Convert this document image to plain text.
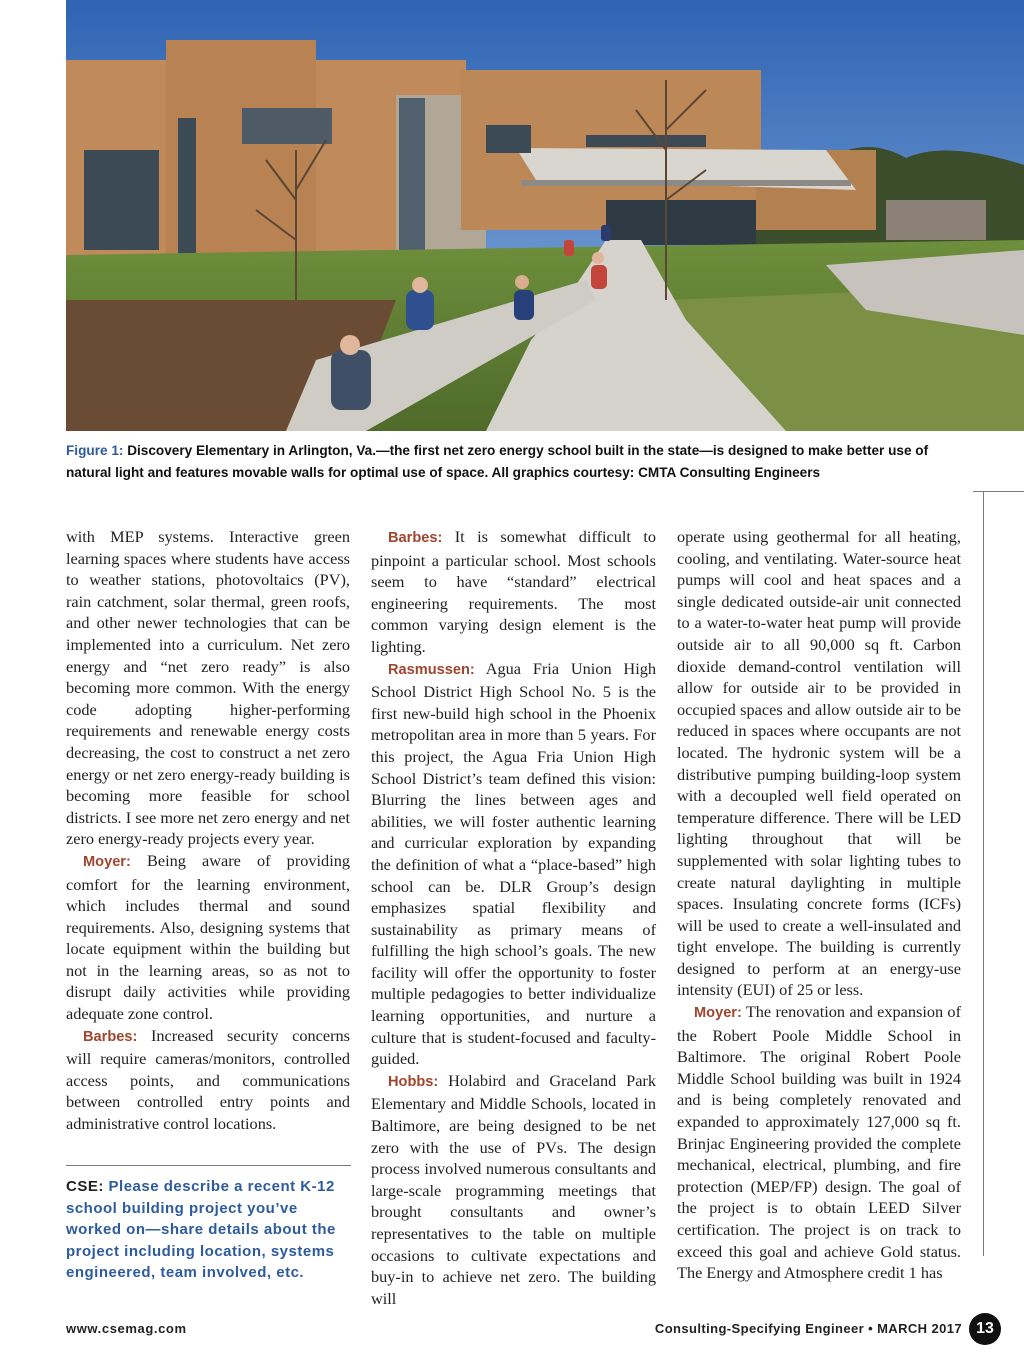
Figure 1: Discovery Elementary in Arlington, Va.—the first net zero energy school built in the state—is designed to make better use of natural light and features movable walls for optimal use of space. All graphics courtesy: CMTA Consulting Engineers

with MEP systems. Interactive green learning spaces where students have access to weather stations, photovoltaics (PV), rain catchment, solar thermal, green roofs, and other newer technologies that can be implemented into a curriculum. Net zero energy and “net zero ready” is also becoming more common. With the energy code adopting higher-performing requirements and renewable energy costs decreasing, the cost to construct a net zero energy or net zero energy-ready building is becoming more feasible for school districts. I see more net zero energy and net zero energy-ready projects every year.

Moyer: Being aware of providing comfort for the learning environment, which includes thermal and sound requirements. Also, designing systems that locate equipment within the building but not in the learning areas, so as not to disrupt daily activities while providing adequate zone control.

Barbes: Increased security concerns will require cameras/monitors, controlled access points, and communications between controlled entry points and administrative control locations.

CSE: Please describe a recent K-12 school building project you’ve worked on—share details about the project including location, systems engineered, team involved, etc.

Barbes: It is somewhat difficult to pinpoint a particular school. Most schools seem to have “standard” electrical engineering requirements. The most common varying design element is the lighting.

Rasmussen: Agua Fria Union High School District High School No. 5 is the first new-build high school in the Phoenix metropolitan area in more than 5 years. For this project, the Agua Fria Union High School District’s team defined this vision: Blurring the lines between ages and abilities, we will foster authentic learning and curricular exploration by expanding the definition of what a “place-based” high school can be. DLR Group’s design emphasizes spatial flexibility and sustainability as primary means of fulfilling the high school’s goals. The new facility will offer the opportunity to foster multiple pedagogies to better individualize learning opportunities, and nurture a culture that is student-focused and faculty-guided.

Hobbs: Holabird and Graceland Park Elementary and Middle Schools, located in Baltimore, are being designed to be net zero with the use of PVs. The design process involved numerous consultants and large-scale programming meetings that brought consultants and owner’s representatives to the table on multiple occasions to cultivate expectations and buy-in to achieve net zero. The building will

operate using geothermal for all heating, cooling, and ventilating. Water-source heat pumps will cool and heat spaces and a single dedicated outside-air unit connected to a water-to-water heat pump will provide outside air to all 90,000 sq ft. Carbon dioxide demand-control ventilation will allow for outside air to be provided in occupied spaces and allow outside air to be reduced in spaces where occupants are not located. The hydronic system will be a distributive pumping building-loop system with a decoupled well field operated on temperature difference. There will be LED lighting throughout that will be supplemented with solar lighting tubes to create natural daylighting in multiple spaces. Insulating concrete forms (ICFs) will be used to create a well-insulated and tight envelope. The building is currently designed to perform at an energy-use intensity (EUI) of 25 or less.

Moyer: The renovation and expansion of the Robert Poole Middle School in Baltimore. The original Robert Poole Middle School building was built in 1924 and is being completely renovated and expanded to approximately 127,000 sq ft. Brinjac Engineering provided the complete mechanical, electrical, plumbing, and fire protection (MEP/FP) design. The goal of the project is to obtain LEED Silver certification. The project is on track to exceed this goal and achieve Gold status. The Energy and Atmosphere credit 1 has

www.csemag.com	Consulting-Specifying Engineer • MARCH 2017 13
